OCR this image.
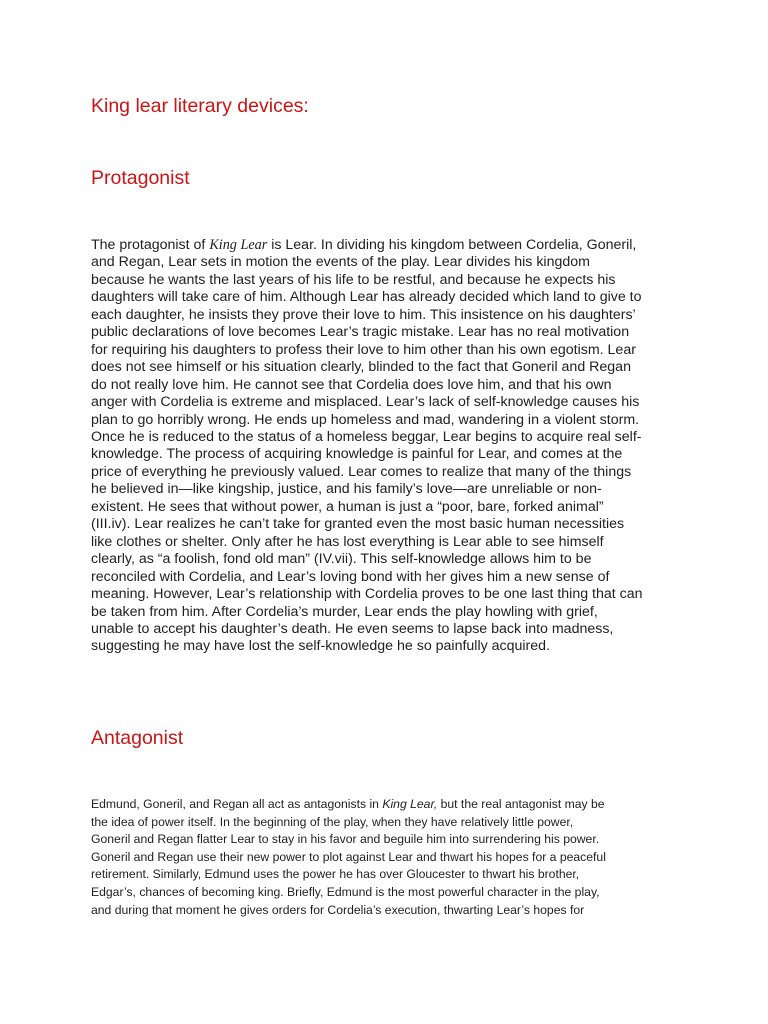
King lear literary devices:
Protagonist

The protagonist of King Lear is Lear. In dividing his kingdom between Cordelia, Goneril,
and Regan, Lear sets in motion the events of the play. Lear divides his kingdom
because he wants the last years of his life to be restful, and because he expects his
daughters will take care of him. Although Lear has already decided which land to give to
each daughter, he insists they prove their love to him. This insistence on his daughters’
public declarations of love becomes Lear’s tragic mistake. Lear has no real motivation
for requiring his daughters to profess their love to him other than his own egotism. Lear
does not see himself or his situation clearly, blinded to the fact that Goneril and Regan
do not really love him. He cannot see that Cordelia does love him, and that his own
anger with Cordelia is extreme and misplaced. Lear’s lack of self-knowledge causes his
plan to go horribly wrong. He ends up homeless and mad, wandering in a violent storm.
Once he is reduced to the status of a homeless beggar, Lear begins to acquire real self-
knowledge. The process of acquiring knowledge is painful for Lear, and comes at the
price of everything he previously valued. Lear comes to realize that many of the things
he believed in—like kingship, justice, and his family’s love—are unreliable or non-
existent. He sees that without power, a human is just a “poor, bare, forked animal”
(III.iv). Lear realizes he can’t take for granted even the most basic human necessities
like clothes or shelter. Only after he has lost everything is Lear able to see himself
clearly, as “a foolish, fond old man” (IV.vii). This self-knowledge allows him to be
reconciled with Cordelia, and Lear’s loving bond with her gives him a new sense of
meaning. However, Lear’s relationship with Cordelia proves to be one last thing that can
be taken from him. After Cordelia’s murder, Lear ends the play howling with grief,
unable to accept his daughter’s death. He even seems to lapse back into madness,
suggesting he may have lost the self-knowledge he so painfully acquired.

Antagonist

Edmund, Goneril, and Regan all act as antagonists in King Lear, but the real antagonist may be
the idea of power itself. In the beginning of the play, when they have relatively little power,
Goneril and Regan flatter Lear to stay in his favor and beguile him into surrendering his power.
Goneril and Regan use their new power to plot against Lear and thwart his hopes for a peaceful
retirement. Similarly, Edmund uses the power he has over Gloucester to thwart his brother,
Edgar’s, chances of becoming king. Briefly, Edmund is the most powerful character in the play,
and during that moment he gives orders for Cordelia’s execution, thwarting Lear’s hopes for
